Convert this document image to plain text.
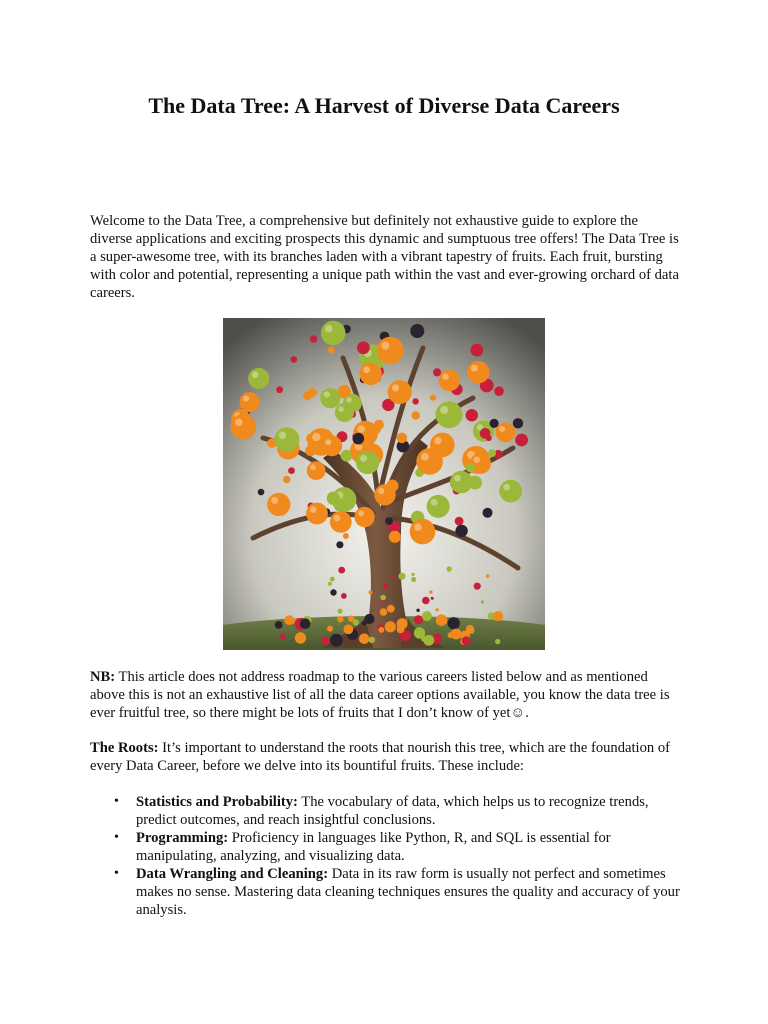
The Data Tree: A Harvest of Diverse Data Careers

Welcome to the Data Tree, a comprehensive but definitely not exhaustive guide to explore the diverse applications and exciting prospects this dynamic and sumptuous tree offers! The Data Tree is a super-awesome tree, with its branches laden with a vibrant tapestry of fruits. Each fruit, bursting with color and potential, representing a unique path within the vast and ever-growing orchard of data careers.

NB: This article does not address roadmap to the various careers listed below and as mentioned above this is not an exhaustive list of all the data career options available, you know the data tree is ever fruitful tree, so there might be lots of fruits that I don’t know of yet☺.

The Roots: It’s important to understand the roots that nourish this tree, which are the foundation of every Data Career, before we delve into its bountiful fruits. These include:

• Statistics and Probability: The vocabulary of data, which helps us to recognize trends, predict outcomes, and reach insightful conclusions.
• Programming: Proficiency in languages like Python, R, and SQL is essential for manipulating, analyzing, and visualizing data.
• Data Wrangling and Cleaning: Data in its raw form is usually not perfect and sometimes makes no sense. Mastering data cleaning techniques ensures the quality and accuracy of your analysis.
